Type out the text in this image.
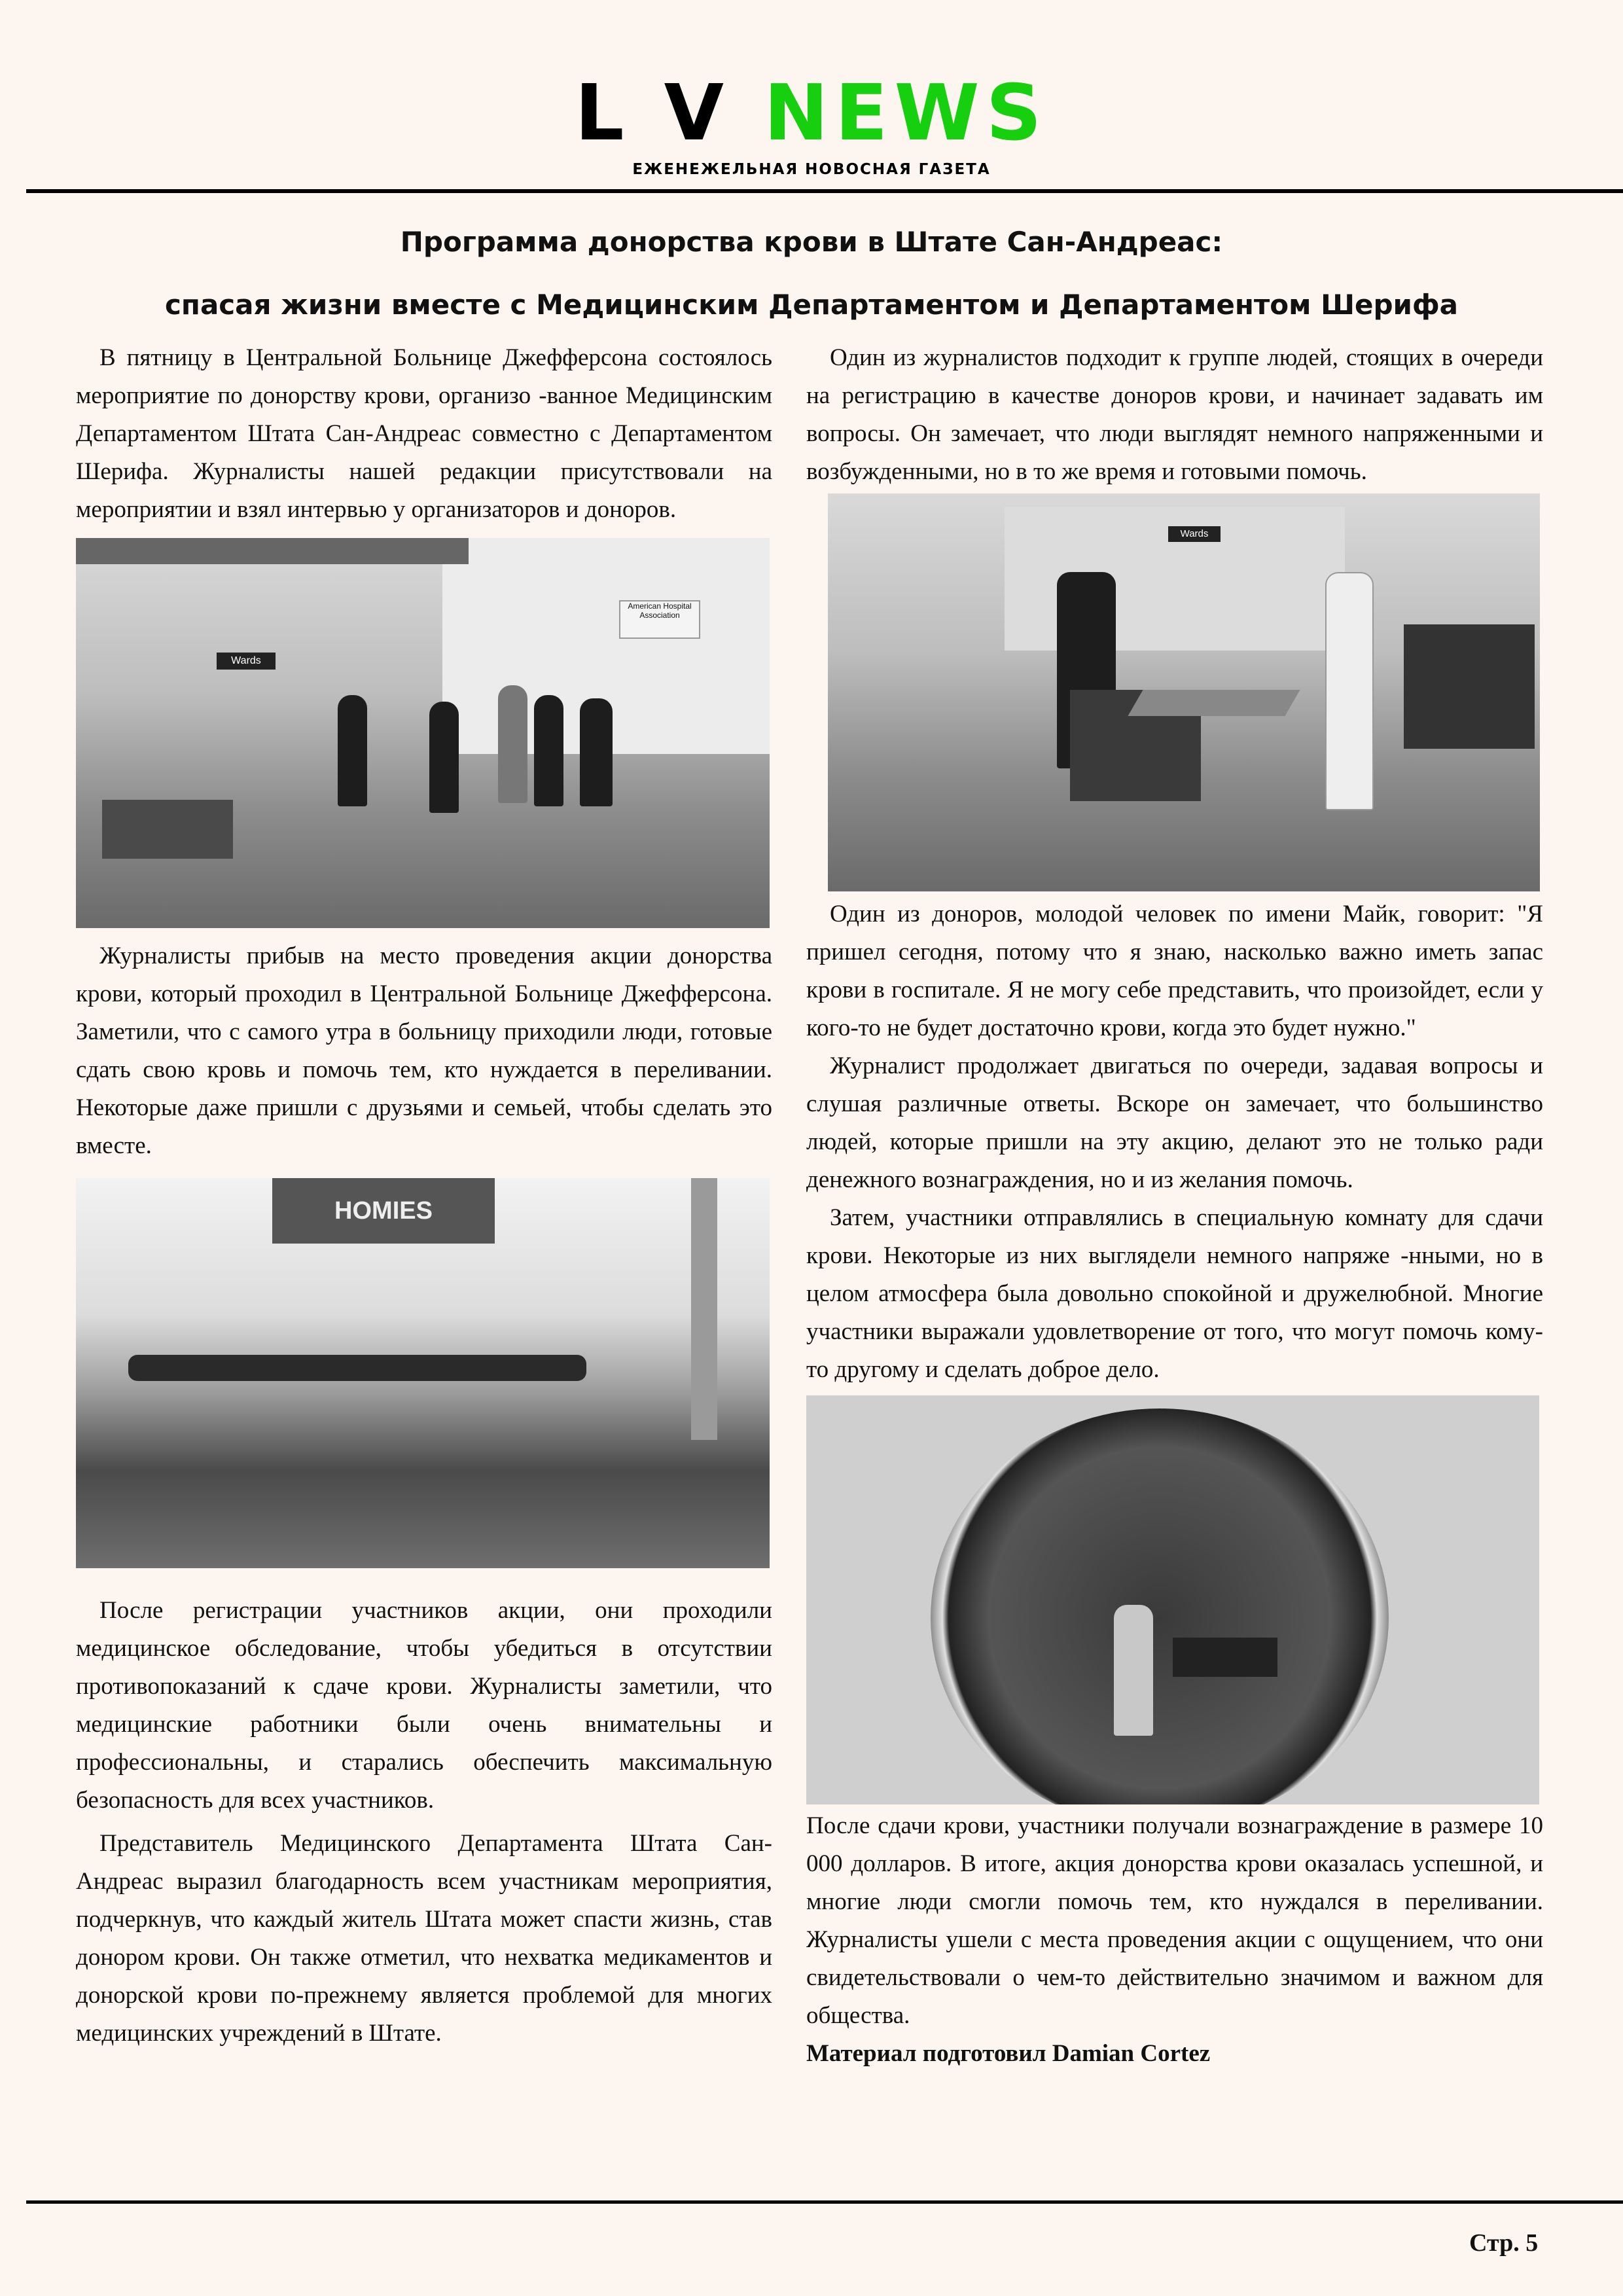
L V NEWS
ЕЖЕНЕЖЕЛЬНАЯ НОВОСНАЯ ГАЗЕТА
Программа донорства крови в Штате Сан-Андреас:
спасая жизни вместе с Медицинским Департаментом и Департаментом Шерифа

В пятницу в Центральной Больнице Джефферсона состоялось мероприятие по донорству крови, организо -ванное Медицинским Департаментом Штата Сан-Андреас совместно с Департаментом Шерифа. Журналисты нашей редакции присутствовали на мероприятии и взял интервью у организаторов и доноров.

American Hospital Association
Wards

Журналисты прибыв на место проведения акции донорства крови, который проходил в Центральной Больнице Джефферсона. Заметили, что с самого утра в больницу приходили люди, готовые сдать свою кровь и помочь тем, кто нуждается в переливании. Некоторые даже пришли с друзьями и семьей, чтобы сделать это вместе.

HOMIES

После регистрации участников акции, они проходили медицинское обследование, чтобы убедиться в отсутствии противопоказаний к сдаче крови. Журналисты заметили, что медицинские работники были очень внимательны и профессиональны, и старались обеспечить максимальную безопасность для всех участников.

Представитель Медицинского Департамента Штата Сан-Андреас выразил благодарность всем участникам мероприятия, подчеркнув, что каждый житель Штата может спасти жизнь, став донором крови. Он также отметил, что нехватка медикаментов и донорской крови по-прежнему является проблемой для многих медицинских учреждений в Штате.

Один из журналистов подходит к группе людей, стоящих в очереди на регистрацию в качестве доноров крови, и начинает задавать им вопросы. Он замечает, что люди выглядят немного напряженными и возбужденными, но в то же время и готовыми помочь.

Wards

Один из доноров, молодой человек по имени Майк, говорит: "Я пришел сегодня, потому что я знаю, насколько важно иметь запас крови в госпитале. Я не могу себе представить, что произойдет, если у кого-то не будет достаточно крови, когда это будет нужно."

Журналист продолжает двигаться по очереди, задавая вопросы и слушая различные ответы. Вскоре он замечает, что большинство людей, которые пришли на эту акцию, делают это не только ради денежного вознаграждения, но и из желания помочь.

Затем, участники отправлялись в специальную комнату для сдачи крови. Некоторые из них выглядели немного напряже -нными, но в целом атмосфера была довольно спокойной и дружелюбной. Многие участники выражали удовлетворение от того, что могут помочь кому-то другому и сделать доброе дело.

После сдачи крови, участники получали вознаграждение в размере 10 000 долларов. В итоге, акция донорства крови оказалась успешной, и многие люди смогли помочь тем, кто нуждался в переливании. Журналисты ушели с места проведения акции с ощущением, что они свидетельствовали о чем-то действительно значимом и важном для общества.

Материал подготовил Damian Cortez
Стр. 5
